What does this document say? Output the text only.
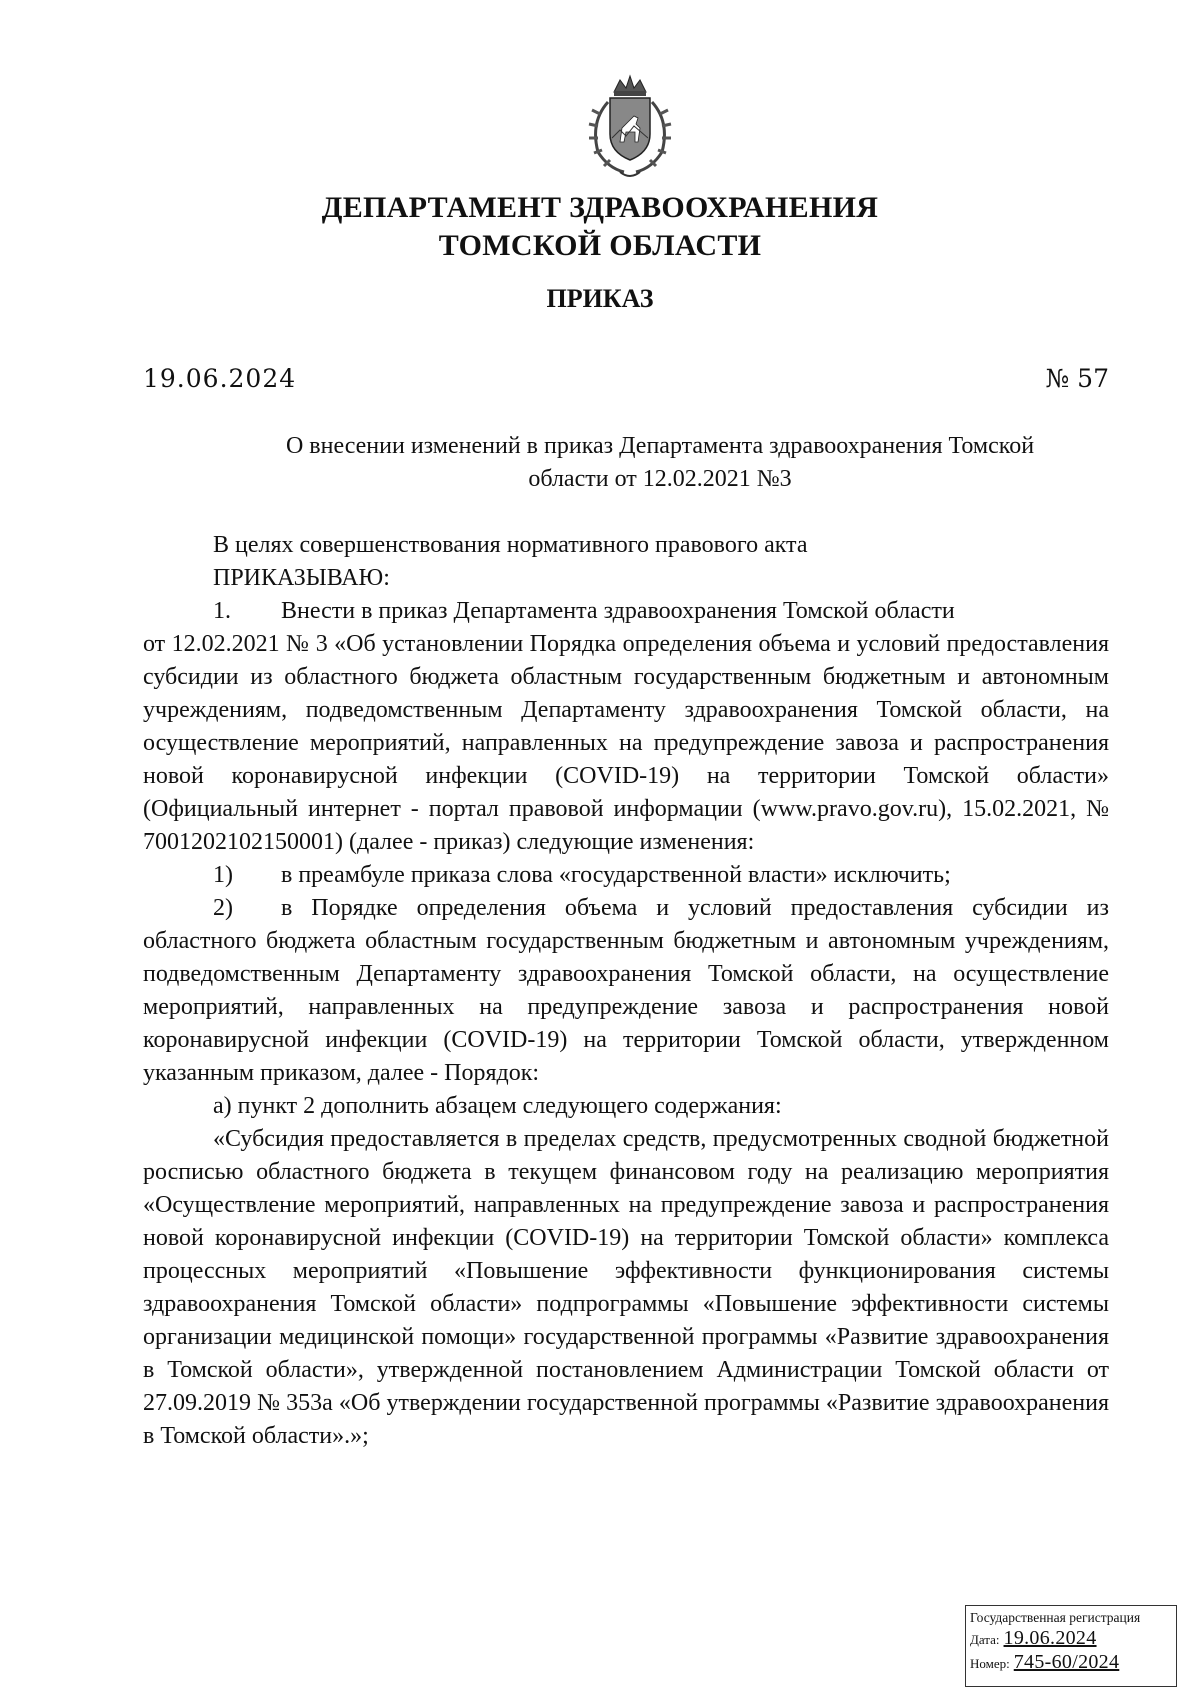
ДЕПАРТАМЕНТ ЗДРАВООХРАНЕНИЯ
ТОМСКОЙ ОБЛАСТИ
ПРИКАЗ
19.06.2024	№ 57
О внесении изменений в приказ Департамента здравоохранения Томской
области от 12.02.2021 №3

В целях совершенствования нормативного правового акта

ПРИКАЗЫВАЮ:

1. Внести в приказ Департамента здравоохранения Томской области

от 12.02.2021 № 3 «Об установлении Порядка определения объема и условий предоставления субсидии из областного бюджета областным государственным бюджетным и автономным учреждениям, подведомственным Департаменту здравоохранения Томской области, на осуществление мероприятий, направленных на предупреждение завоза и распространения новой коронавирусной инфекции (COVID-19) на территории Томской области» (Официальный интернет - портал правовой информации (www.pravo.gov.ru), 15.02.2021, № 7001202102150001) (далее - приказ) следующие изменения:

1) в преамбуле приказа слова «государственной власти» исключить;

2) в Порядке определения объема и условий предоставления субсидии из областного бюджета областным государственным бюджетным и автономным учреждениям, подведомственным Департаменту здравоохранения Томской области, на осуществление мероприятий, направленных на предупреждение завоза и распространения новой коронавирусной инфекции (COVID-19) на территории Томской области, утвержденном указанным приказом, далее - Порядок:

а) пункт 2 дополнить абзацем следующего содержания:

«Субсидия предоставляется в пределах средств, предусмотренных сводной бюджетной росписью областного бюджета в текущем финансовом году на реализацию мероприятия «Осуществление мероприятий, направленных на предупреждение завоза и распространения новой коронавирусной инфекции (COVID-19) на территории Томской области» комплекса процессных мероприятий «Повышение эффективности функционирования системы здравоохранения Томской области» подпрограммы «Повышение эффективности системы организации медицинской помощи» государственной программы «Развитие здравоохранения в Томской области», утвержденной постановлением Администрации Томской области от 27.09.2019 № 353а «Об утверждении государственной программы «Развитие здравоохранения в Томской области».»;

Государственная регистрация
Дата: 19.06.2024
Номер: 745-60/2024
